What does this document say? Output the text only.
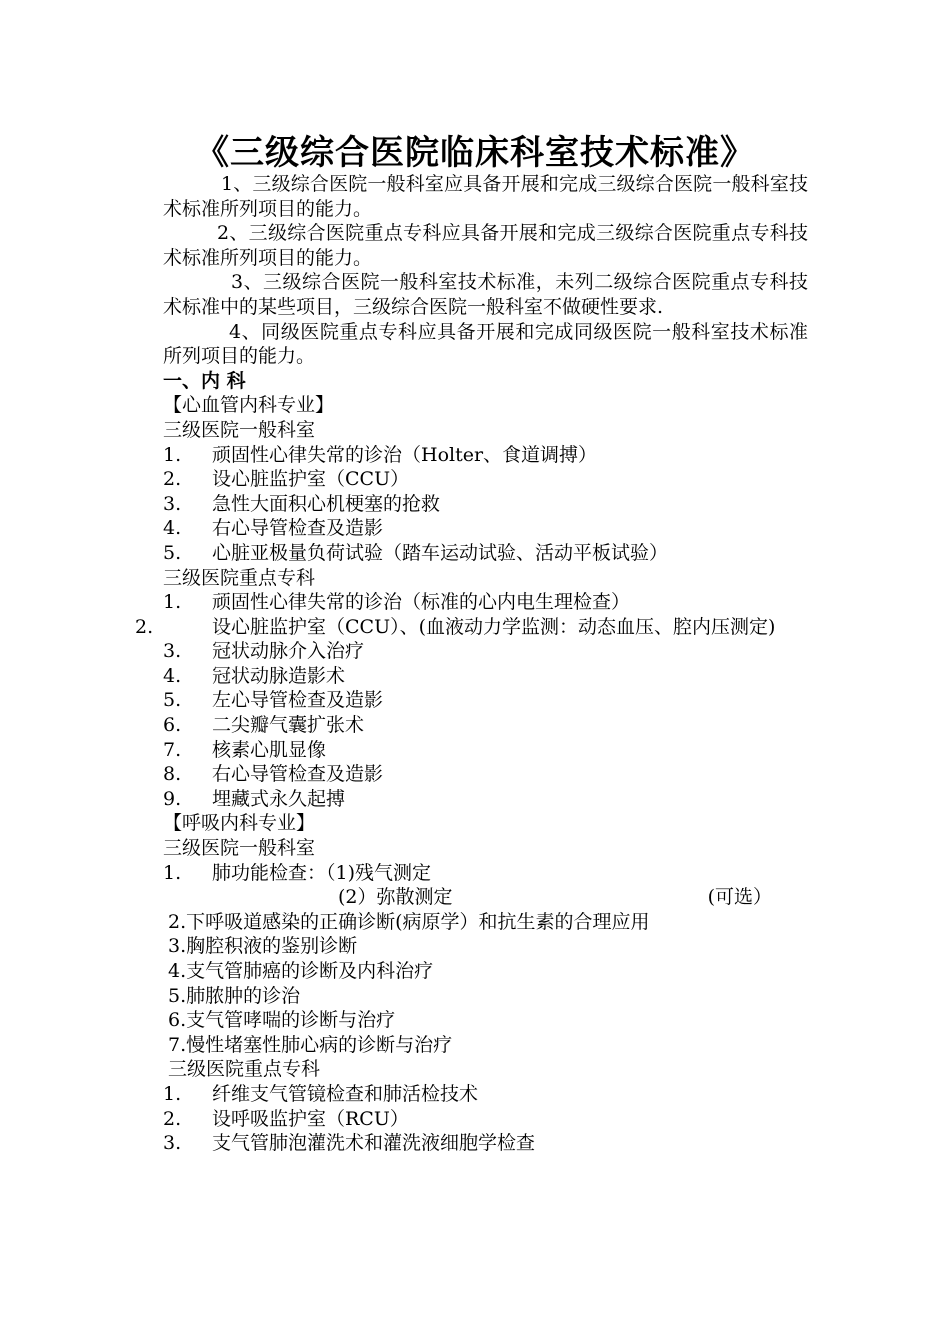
《三级综合医院临床科室技术标准》

1、三级综合医院一般科室应具备开展和完成三级综合医院一般科室技术标准所列项目的能力。

2、三级综合医院重点专科应具备开展和完成三级综合医院重点专科技术标准所列项目的能力。

3、三级综合医院一般科室技术标准，未列二级综合医院重点专科技术标准中的某些项目，三级综合医院一般科室不做硬性要求.

4、同级医院重点专科应具备开展和完成同级医院一般科室技术标准所列项目的能力。

一、内 科
【心血管内科专业】
三级医院一般科室
1. 顽固性心律失常的诊治（Holter、食道调搏）
2. 设心脏监护室（CCU）
3. 急性大面积心机梗塞的抢救
4. 右心导管检查及造影
5. 心脏亚极量负荷试验（踏车运动试验、活动平板试验）
三级医院重点专科
1. 顽固性心律失常的诊治（标准的心内电生理检查）
2.	设心脏监护室（CCU）、(血液动力学监测：动态血压、腔内压测定)
3. 冠状动脉介入治疗
4. 冠状动脉造影术
5. 左心导管检查及造影
6. 二尖瓣气囊扩张术
7. 核素心肌显像
8. 右心导管检查及造影
9. 埋藏式永久起搏
【呼吸内科专业】
三级医院一般科室
1. 肺功能检查：（1)残气测定
(2）弥散测定	(可选）
2.下呼吸道感染的正确诊断(病原学）和抗生素的合理应用
3.胸腔积液的鉴别诊断
4.支气管肺癌的诊断及内科治疗
5.肺脓肿的诊治
6.支气管哮喘的诊断与治疗
7.慢性堵塞性肺心病的诊断与治疗
三级医院重点专科
1. 纤维支气管镜检查和肺活检技术
2. 设呼吸监护室（RCU）
3. 支气管肺泡灌洗术和灌洗液细胞学检查
